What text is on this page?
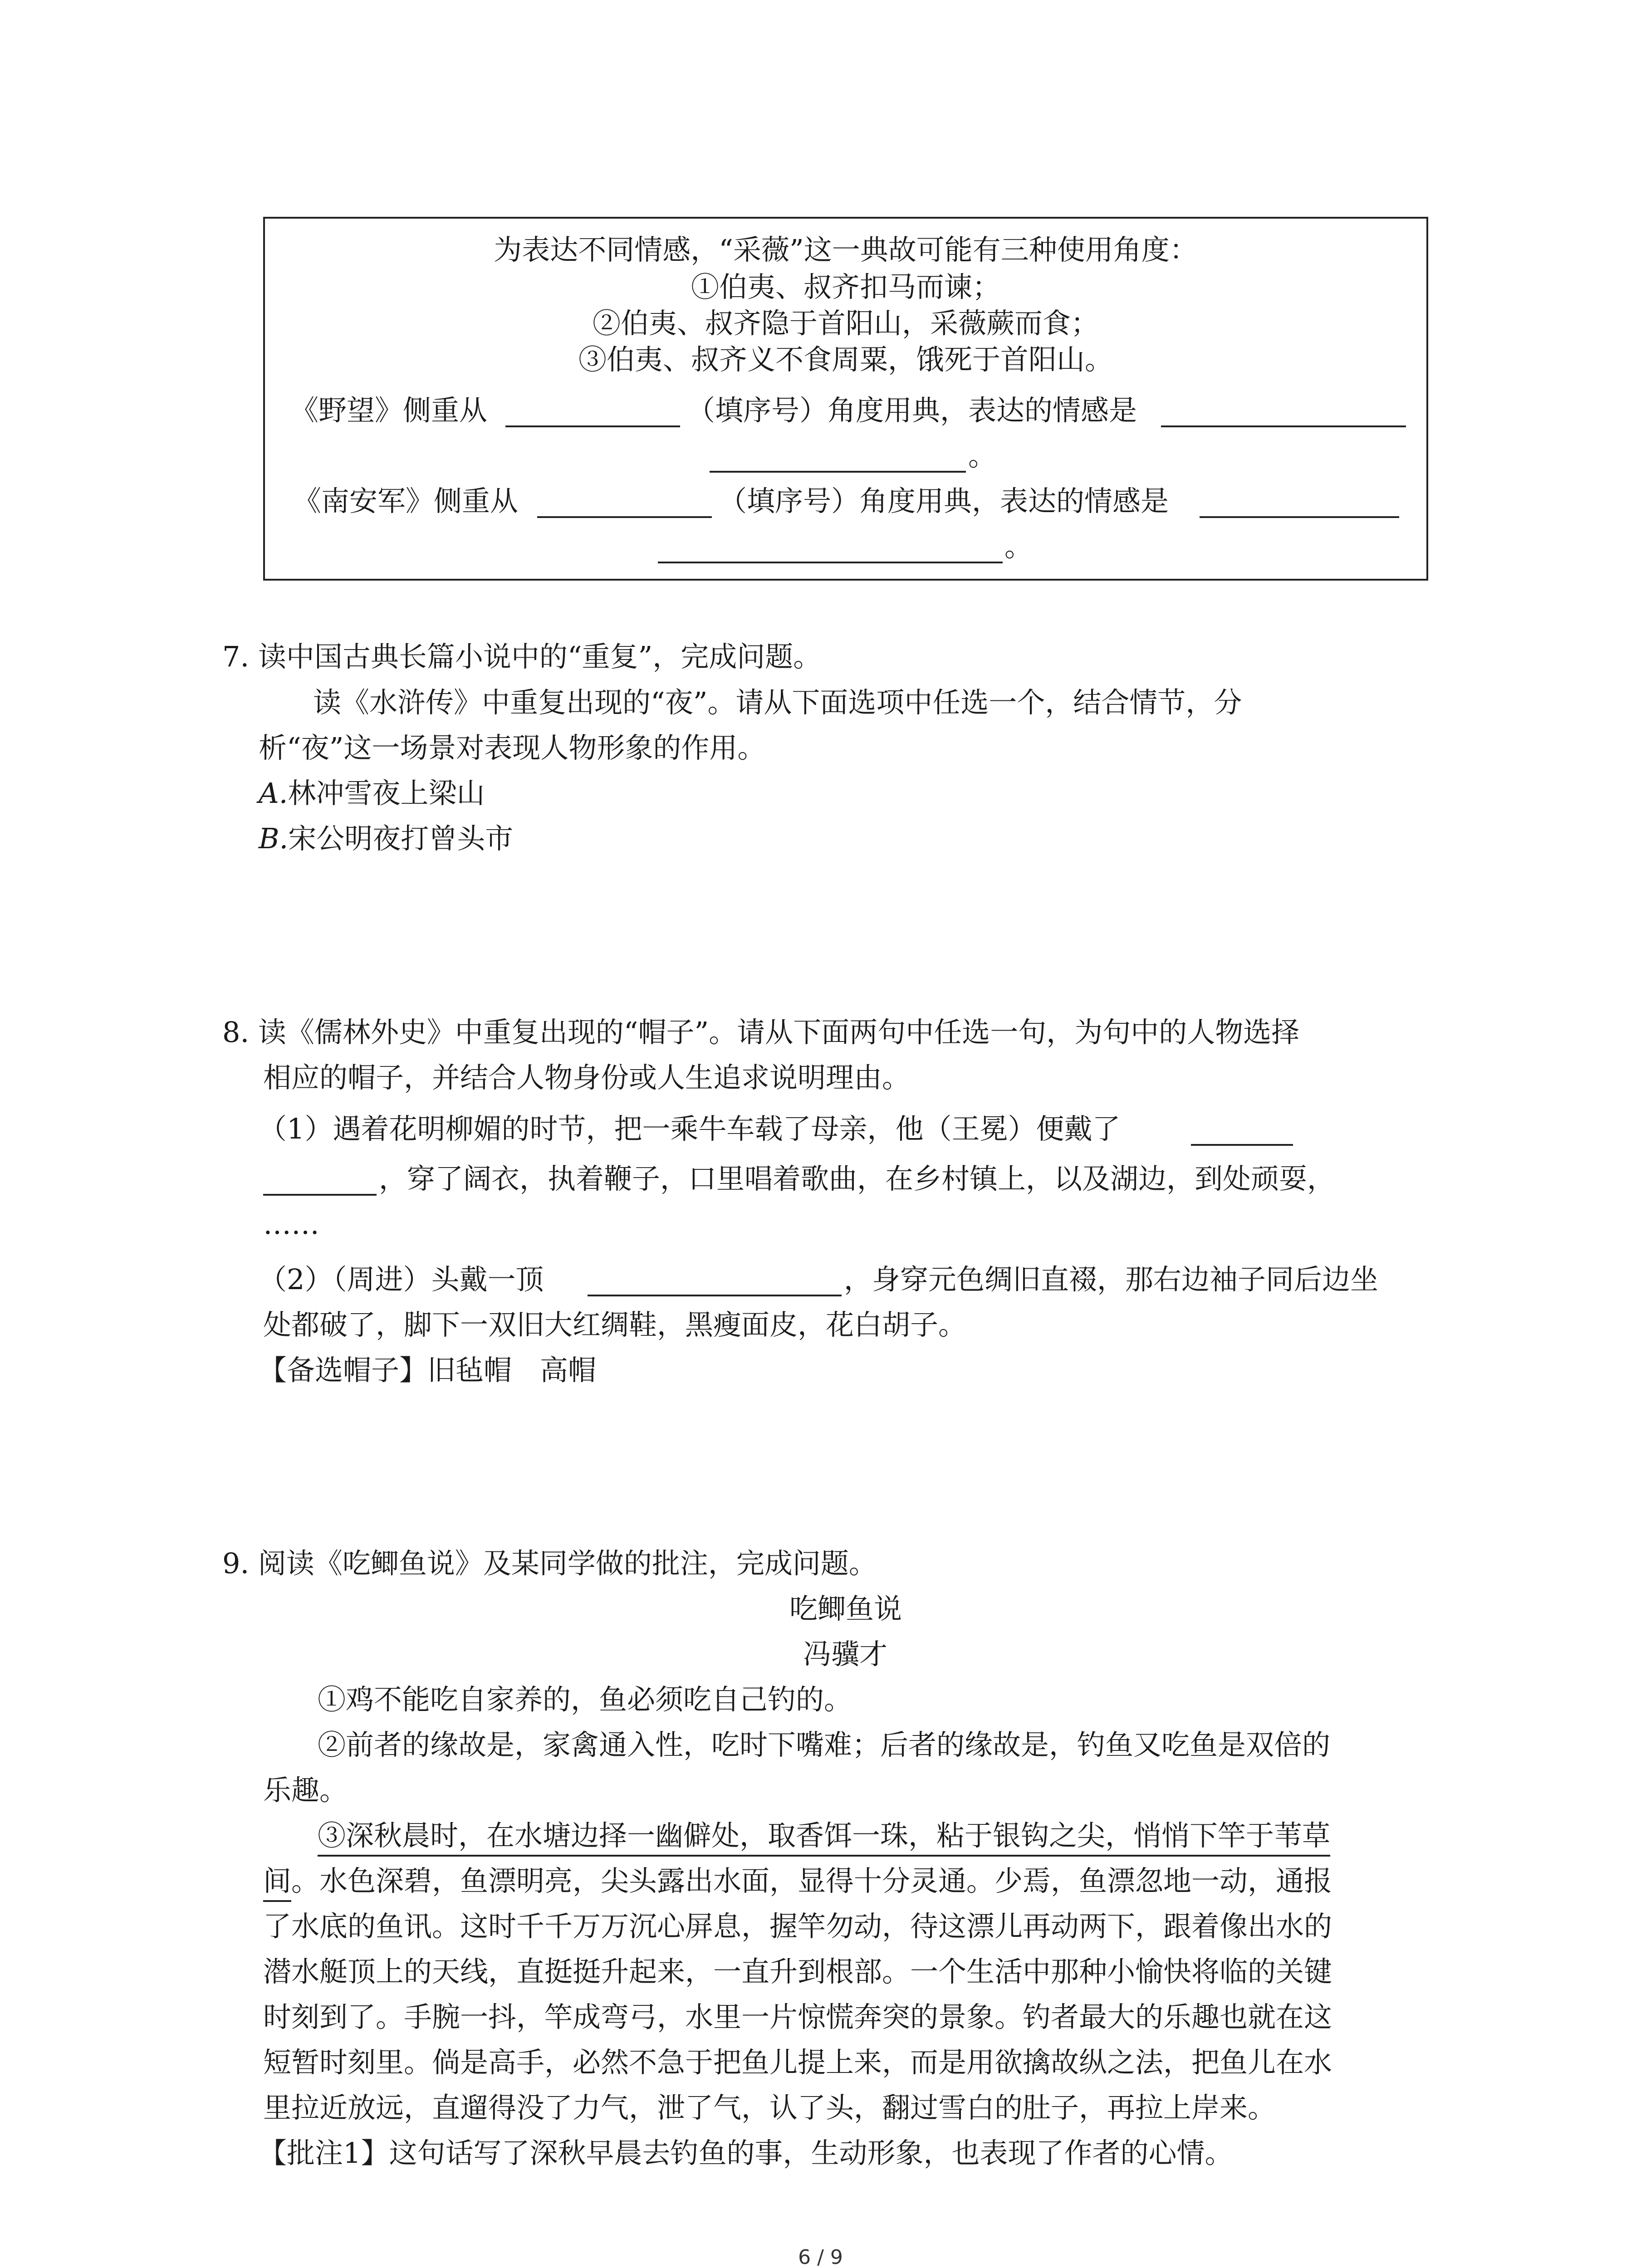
为表达不同情感，“采薇”这一典故可能有三种使用角度：
①伯夷、叔齐扣马而谏；
②伯夷、叔齐隐于首阳山，采薇蕨而食；
③伯夷、叔齐义不食周粟，饿死于首阳山。
《野望》侧重从	（填序号）角度用典，表达的情感是
。
《南安军》侧重从	（填序号）角度用典，表达的情感是
。
7. 读中国古典长篇小说中的“重复”，完成问题。
读《水浒传》中重复出现的“夜”。请从下面选项中任选一个，结合情节，分
析“夜”这一场景对表现人物形象的作用。
A.林冲雪夜上梁山
B.宋公明夜打曾头市
8. 读《儒林外史》中重复出现的“帽子”。请从下面两句中任选一句，为句中的人物选择
相应的帽子，并结合人物身份或人生追求说明理由。
（1）遇着花明柳媚的时节，把一乘牛车载了母亲，他（王冕）便戴了
，穿了阔衣，执着鞭子，口里唱着歌曲，在乡村镇上，以及湖边，到处顽耍，
……
（2）（周进）头戴一顶	，身穿元色绸旧直裰，那右边袖子同后边坐
处都破了，脚下一双旧大红绸鞋，黑瘦面皮，花白胡子。
【备选帽子】旧毡帽　高帽
9. 阅读《吃鲫鱼说》及某同学做的批注，完成问题。
吃鲫鱼说
冯骥才
①鸡不能吃自家养的，鱼必须吃自己钓的。
②前者的缘故是，家禽通入性，吃时下嘴难；后者的缘故是，钓鱼又吃鱼是双倍的
乐趣。
③深秋晨时，在水塘边择一幽僻处，取香饵一珠，粘于银钩之尖，悄悄下竿于苇草
间。水色深碧，鱼漂明亮，尖头露出水面，显得十分灵通。少焉，鱼漂忽地一动，通报
了水底的鱼讯。这时千千万万沉心屏息，握竿勿动，待这漂儿再动两下，跟着像出水的
潜水艇顶上的天线，直挺挺升起来，一直升到根部。一个生活中那种小愉快将临的关键
时刻到了。手腕一抖，竿成弯弓，水里一片惊慌奔突的景象。钓者最大的乐趣也就在这
短暂时刻里。倘是高手，必然不急于把鱼儿提上来，而是用欲擒故纵之法，把鱼儿在水
里拉近放远，直遛得没了力气，泄了气，认了头，翻过雪白的肚子，再拉上岸来。
【批注1】这句话写了深秋早晨去钓鱼的事，生动形象，也表现了作者的心情。
6 / 9
